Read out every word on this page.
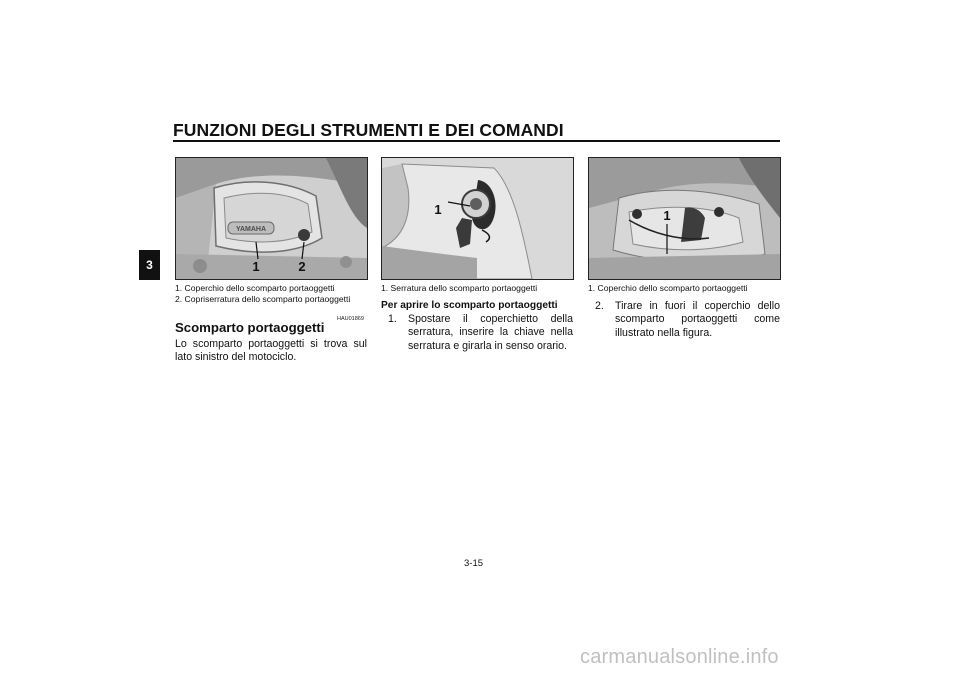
FUNZIONI DEGLI STRUMENTI E DEI COMANDI
3
YAMAHA
1	2
1	1
1. Coperchio dello scomparto portaoggetti
2. Copriserratura dello scomparto portaoggetti
HAU01869
Scomparto portaoggetti
Lo scomparto portaoggetti si trova sul lato sinistro del motociclo.
1. Serratura dello scomparto portaoggetti
Per aprire lo scomparto portaoggetti
1. Spostare il coperchietto della serratura, inserire la chiave nella serratura e girarla in senso orario.
1. Coperchio dello scomparto portaoggetti
2. Tirare in fuori il coperchio dello scomparto portaoggetti come illustrato nella figura.
3-15
carmanualsonline.info
